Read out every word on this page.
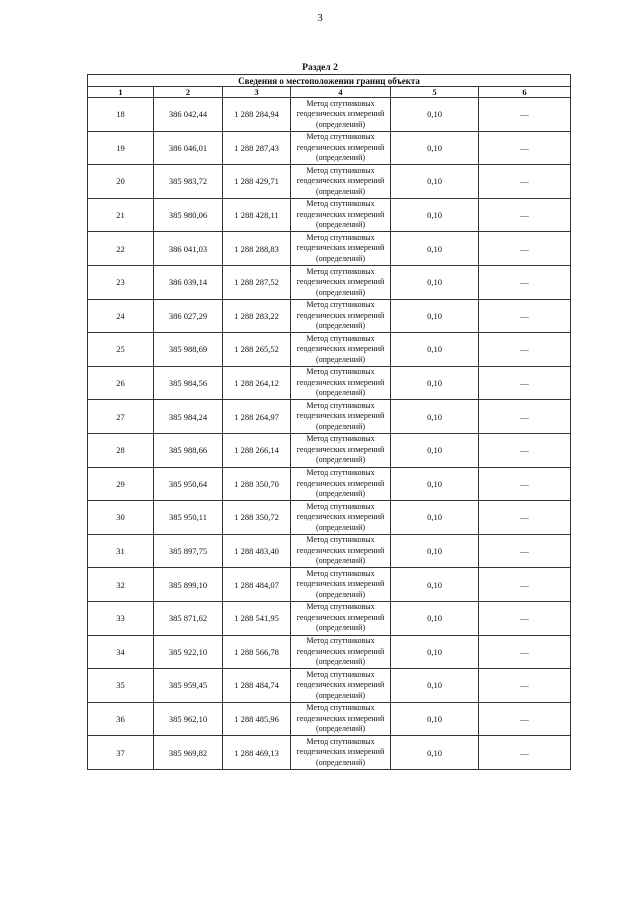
3
Раздел 2
Сведения о местоположении границ объекта					
1	2	3	4	5	6
18	386 042,44	1 288 284,94	Метод спутниковых
геодезических измерений
(определений)	0,10	—
19	386 046,01	1 288 287,43	Метод спутниковых
геодезических измерений
(определений)	0,10	—
20	385 983,72	1 288 429,71	Метод спутниковых
геодезических измерений
(определений)	0,10	—
21	385 980,06	1 288 428,11	Метод спутниковых
геодезических измерений
(определений)	0,10	—
22	386 041,03	1 288 288,83	Метод спутниковых
геодезических измерений
(определений)	0,10	—
23	386 039,14	1 288 287,52	Метод спутниковых
геодезических измерений
(определений)	0,10	—
24	386 027,29	1 288 283,22	Метод спутниковых
геодезических измерений
(определений)	0,10	—
25	385 988,69	1 288 265,52	Метод спутниковых
геодезических измерений
(определений)	0,10	—
26	385 984,56	1 288 264,12	Метод спутниковых
геодезических измерений
(определений)	0,10	—
27	385 984,24	1 288 264,97	Метод спутниковых
геодезических измерений
(определений)	0,10	—
28	385 988,66	1 288 266,14	Метод спутниковых
геодезических измерений
(определений)	0,10	—
29	385 950,64	1 288 350,70	Метод спутниковых
геодезических измерений
(определений)	0,10	—
30	385 950,11	1 288 350,72	Метод спутниковых
геодезических измерений
(определений)	0,10	—
31	385 897,75	1 288 483,40	Метод спутниковых
геодезических измерений
(определений)	0,10	—
32	385 899,10	1 288 484,07	Метод спутниковых
геодезических измерений
(определений)	0,10	—
33	385 871,62	1 288 541,95	Метод спутниковых
геодезических измерений
(определений)	0,10	—
34	385 922,10	1 288 566,78	Метод спутниковых
геодезических измерений
(определений)	0,10	—
35	385 959,45	1 288 484,74	Метод спутниковых
геодезических измерений
(определений)	0,10	—
36	385 962,10	1 288 485,96	Метод спутниковых
геодезических измерений
(определений)	0,10	—
37	385 969,82	1 288 469,13	Метод спутниковых
геодезических измерений
(определений)	0,10	—
